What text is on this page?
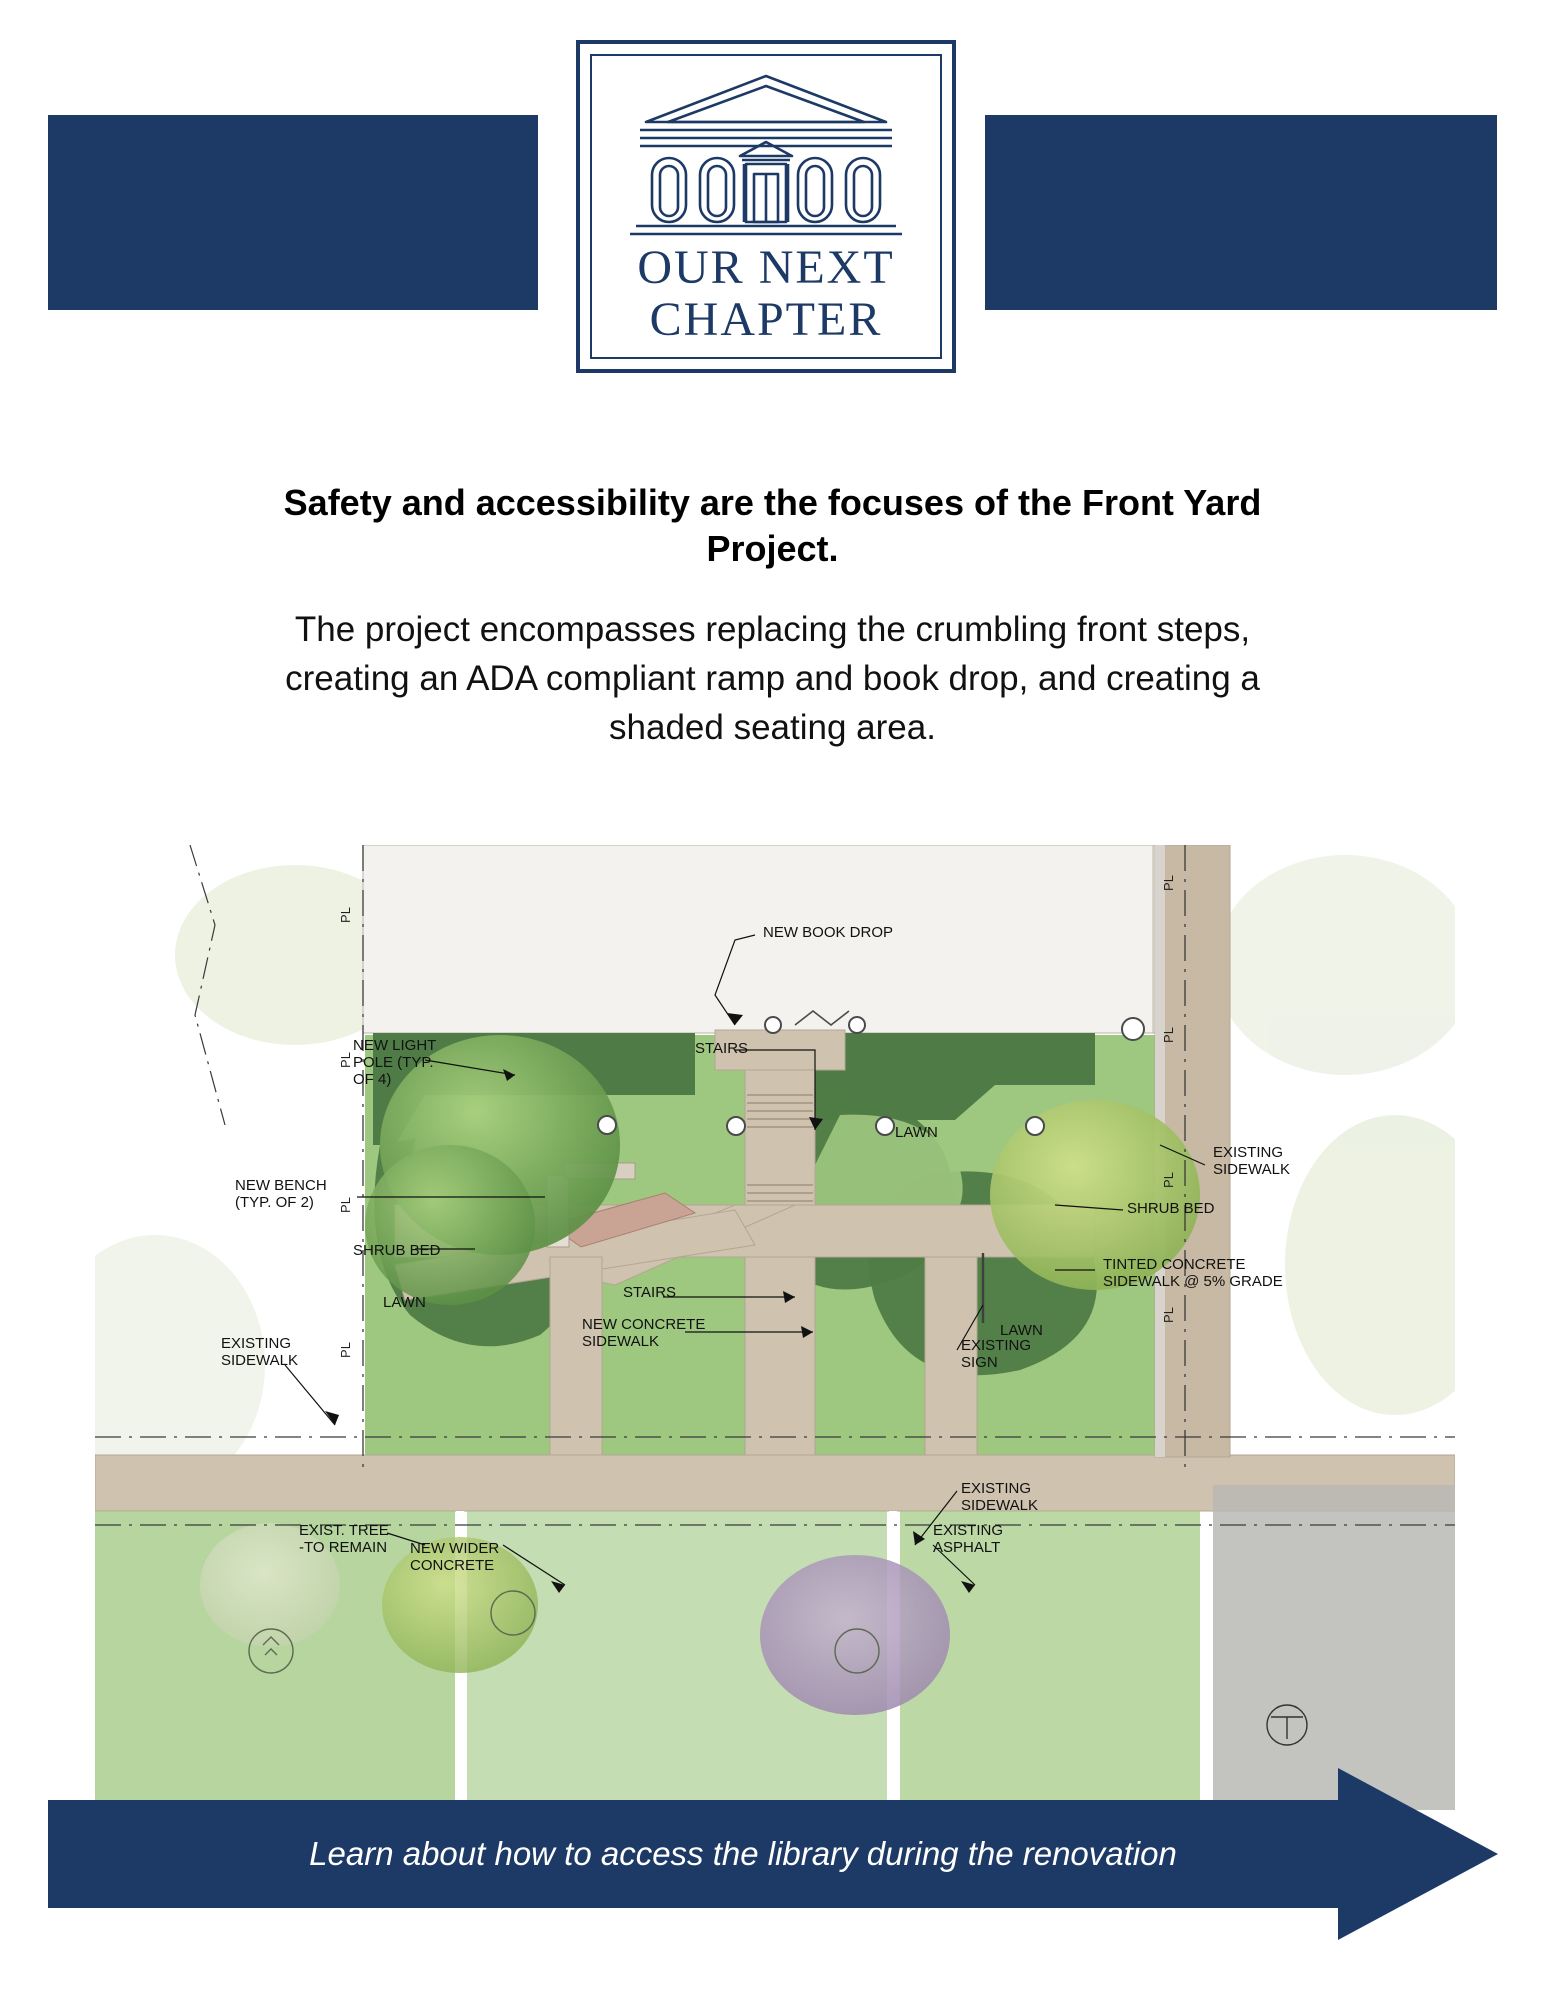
OUR NEXT
CHAPTER
Safety and accessibility are the focuses of the Front Yard Project.
The project encompasses replacing the crumbling front steps, creating an ADA compliant ramp and book drop, and creating a shaded seating area.
PL
PL
PL
PL
PL
PL
PL
PL
NEW BOOK DROP
STAIRS
NEW LIGHT
POLE (TYP.
OF 4)
LAWN
EXISTING
SIDEWALK
NEW BENCH
(TYP. OF 2)	SHRUB BED
SHRUB BED
TINTED CONCRETE
SIDEWALK @ 5% GRADE
LAWN
STAIRS
LAWN
NEW CONCRETE
SIDEWALK	EXISTING
SIGN
EXISTING
SIDEWALK
EXISTING
SIDEWALK
EXIST. TREE
-TO REMAIN NEW WIDER
CONCRETE
EXISTING
ASPHALT
Learn about how to access the library during the renovation
